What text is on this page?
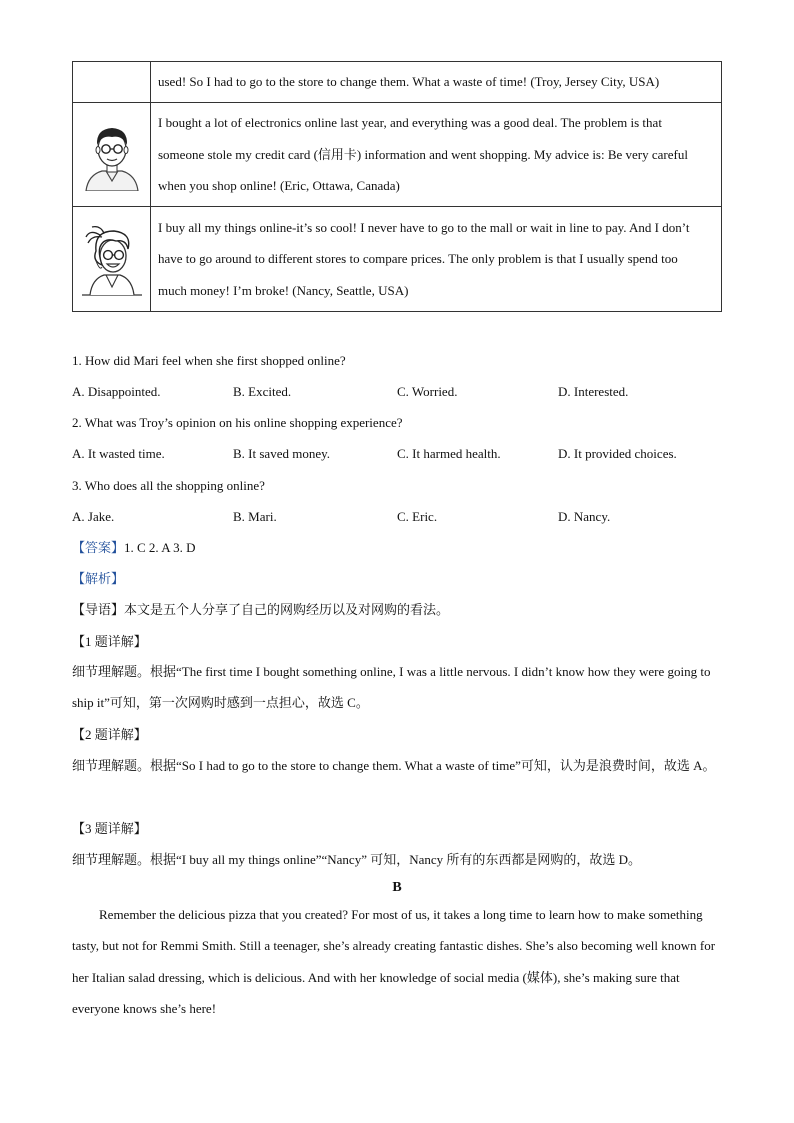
	used! So I had to go to the store to change them. What a waste of time! (Troy, Jersey City, USA)

	I bought a lot of electronics online last year, and everything was a good deal. The problem is that someone stole my credit card (信用卡) information and went shopping. My advice is: Be very careful when you shop online! (Eric, Ottawa, Canada)

	I buy all my things online-it’s so cool! I never have to go to the mall or wait in line to pay. And I don’t have to go around to different stores to compare prices. The only problem is that I usually spend too much money! I’m broke! (Nancy, Seattle, USA)
1. How did Mari feel when she first shopped online?
A. Disappointed.	B. Excited.	C. Worried.	D. Interested.
2. What was Troy’s opinion on his online shopping experience?
A. It wasted time.	B. It saved money.	C. It harmed health.	D. It provided choices.
3. Who does all the shopping online?
A. Jake.	B. Mari.	C. Eric.	D. Nancy.
【答案】1. C 2. A 3. D
【解析】
【导语】本文是五个人分享了自己的网购经历以及对网购的看法。
【1 题详解】

细节理解题。根据“The first time I bought something online, I was a little nervous. I didn’t know how they were going to ship it”可知，第一次网购时感到一点担心，故选 C。

【2 题详解】

细节理解题。根据“So I had to go to the store to change them. What a waste of time”可知，认为是浪费时间，故选 A。

【3 题详解】
细节理解题。根据“I buy all my things online”“Nancy” 可知，Nancy 所有的东西都是网购的，故选 D。
B

Remember the delicious pizza that you created? For most of us, it takes a long time to learn how to make something tasty, but not for Remmi Smith. Still a teenager, she’s already creating fantastic dishes. She’s also becoming well known for her Italian salad dressing, which is delicious. And with her knowledge of social media (媒体), she’s making sure that everyone knows she’s here!
